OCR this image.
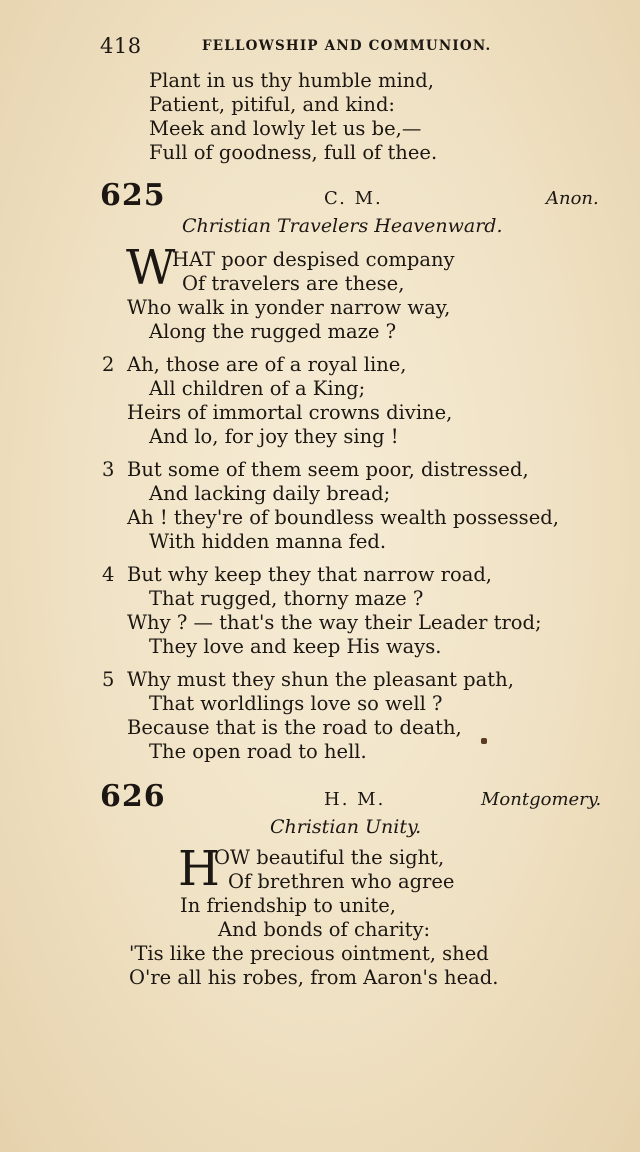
418	FELLOWSHIP AND COMMUNION.
Plant in us thy humble mind,
Patient, pitiful, and kind:
Meek and lowly let us be,—
Full of goodness, full of thee.
625	C. M.	Anon.
Christian Travelers Heavenward.
W
HAT poor despised company
Of travelers are these,
Who walk in yonder narrow way,
Along the rugged maze ?
2 Ah, those are of a royal line,
All children of a King;
Heirs of immortal crowns divine,
And lo, for joy they sing !
3 But some of them seem poor, distressed,
And lacking daily bread;
Ah ! they're of boundless wealth possessed,
With hidden manna fed.
4 But why keep they that narrow road,
That rugged, thorny maze ?
Why ? — that's the way their Leader trod;
They love and keep His ways.
5 Why must they shun the pleasant path,
That worldlings love so well ?
Because that is the road to death,
The open road to hell.
626	H. M.	Montgomery.
Christian Unity.
H
OW beautiful the sight,
Of brethren who agree
In friendship to unite,
And bonds of charity:
'Tis like the precious ointment, shed
O're all his robes, from Aaron's head.
